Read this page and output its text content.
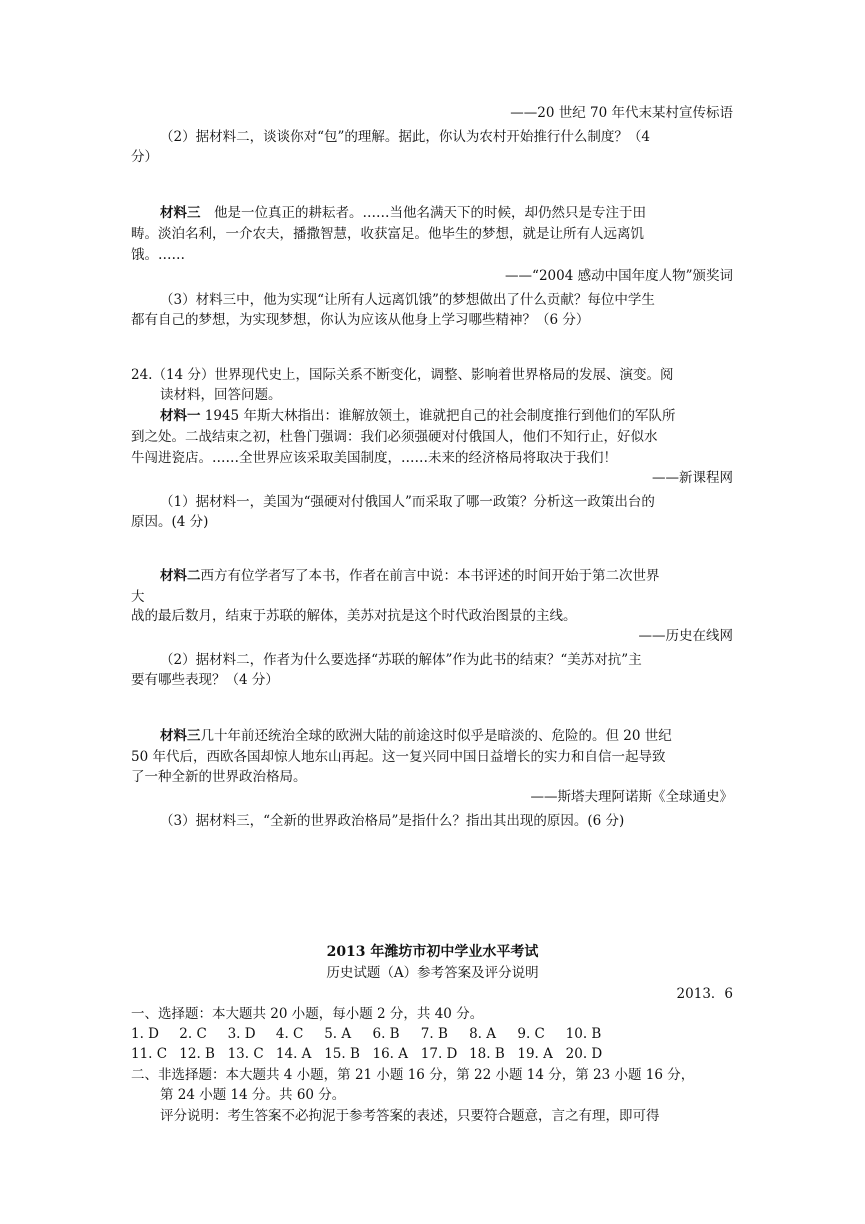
——20 世纪 70 年代末某村宣传标语
（2）据材料二，谈谈你对“包”的理解。据此，你认为农村开始推行什么制度？（4
分）
材料三　他是一位真正的耕耘者。……当他名满天下的时候，却仍然只是专注于田
畴。淡泊名利，一介农夫，播撒智慧，收获富足。他毕生的梦想，就是让所有人远离饥
饿。……
——“2004 感动中国年度人物”颁奖词
（3）材料三中，他为实现“让所有人远离饥饿”的梦想做出了什么贡献？每位中学生
都有自己的梦想，为实现梦想，你认为应该从他身上学习哪些精神？（6 分）
24.（14 分）世界现代史上，国际关系不断变化，调整、影响着世界格局的发展、演变。阅
读材料，回答问题。
材料一 1945 年斯大林指出：谁解放领土，谁就把自己的社会制度推行到他们的军队所
到之处。二战结束之初，杜鲁门强调：我们必须强硬对付俄国人，他们不知行止，好似水
牛闯进瓷店。……全世界应该采取美国制度，……未来的经济格局将取决于我们！
——新课程网
（1）据材料一，美国为“强硬对付俄国人”而采取了哪一政策？分析这一政策出台的
原因。(4 分)
材料二西方有位学者写了本书，作者在前言中说：本书评述的时间开始于第二次世界
大
战的最后数月，结束于苏联的解体，美苏对抗是这个时代政治图景的主线。
——历史在线网
（2）据材料二，作者为什么要选择“苏联的解体”作为此书的结束？“美苏对抗”主
要有哪些表现？（4 分）
材料三几十年前还统治全球的欧洲大陆的前途这时似乎是暗淡的、危险的。但 20 世纪
50 年代后，西欧各国却惊人地东山再起。这一复兴同中国日益增长的实力和自信一起导致
了一种全新的世界政治格局。
——斯塔夫理阿诺斯《全球通史》
（3）据材料三，“全新的世界政治格局”是指什么？指出其出现的原因。(6 分)
2013 年潍坊市初中学业水平考试
历史试题（A）参考答案及评分说明
2013．6
一、选择题：本大题共 20 小题，每小题 2 分，共 40 分。
1. D 2. C 3. D 4. C 5. A 6. B 7. B 8. A 9. C 10. B
11. C 12. B 13. C 14. A 15. B 16. A 17. D 18. B 19. A 20. D
二、非选择题：本大题共 4 小题，第 21 小题 16 分，第 22 小题 14 分，第 23 小题 16 分，
第 24 小题 14 分。共 60 分。
评分说明：考生答案不必拘泥于参考答案的表述，只要符合题意，言之有理，即可得
